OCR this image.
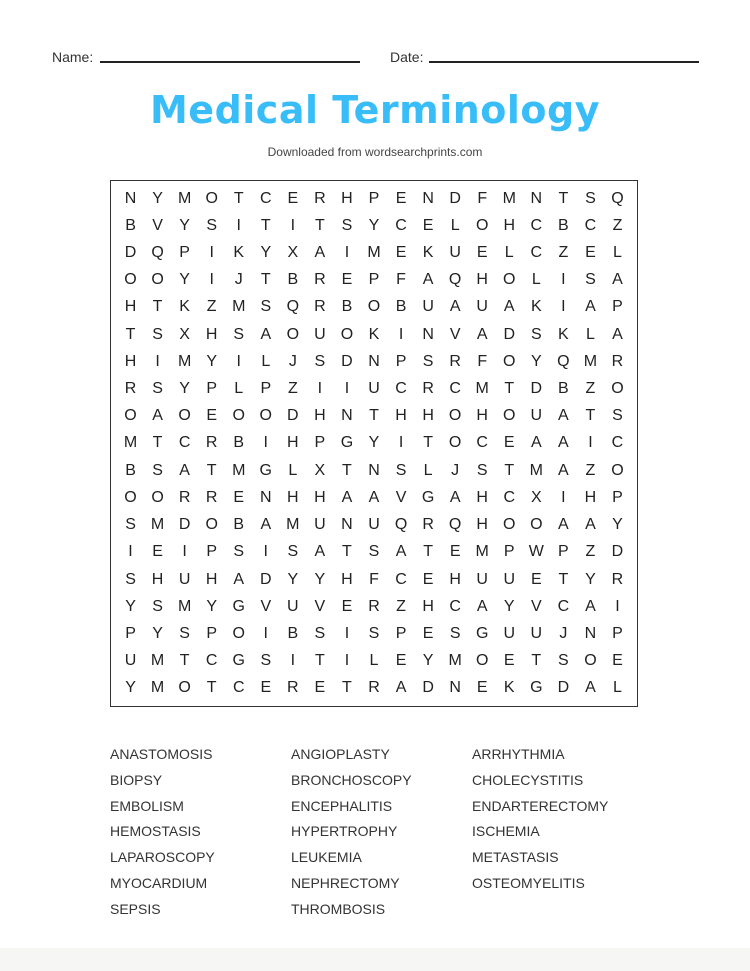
Name:	Date:
Medical Terminology
Downloaded from wordsearchprints.com
N Y M O T	C E R H P	E N D	F M N	T	S Q
B	V	Y	S	I	T	I	T	S	Y C E	L	O H C B C	Z
D Q P	I	K	Y	X	A	I	M E	K U E	L	C	Z	E	L
O O Y	I	J	T	B R E	P	F	A Q H O	L	I	S	A
H	T	K	Z M S Q R B O B U A U A	K	I	A	P
T	S	X H S	A O U O K	I	N V	A D S	K	L	A
H	I	M Y	I	L	J	S D N P	S R	F O Y Q M R
R S	Y	P	L	P	Z	I	I	U C R C M T	D B	Z O
O A O E O O D H N	T	H H O H O U A	T	S
M T	C R B	I	H P G Y	I	T O C E	A	A	I	C
B	S	A	T M G	L	X	T	N S	L	J	S	T M A	Z O
O O R R E N H H A	A	V G A H C X	I	H P
S M D O B	A M U N U Q R Q H O O A	A	Y
I	E	I	P	S	I	S	A	T	S	A	T	E M P W P	Z	D
S H U H A D Y	Y H	F	C E H U U E	T	Y R
Y	S M Y G V U V	E R	Z	H C A	Y	V C A	I
P	Y	S	P O	I	B	S	I	S	P	E	S G U U	J	N P
U M T	C G S	I	T	I	L	E	Y M O E	T	S O E
Y M O T	C E R E	T	R A D N E	K G D A	L
ANASTOMOSIS	ANGIOPLASTY	ARRHYTHMIA
BIOPSY	BRONCHOSCOPY	CHOLECYSTITIS
EMBOLISM	ENCEPHALITIS	ENDARTERECTOMY
HEMOSTASIS	HYPERTROPHY	ISCHEMIA
LAPAROSCOPY	LEUKEMIA	METASTASIS
MYOCARDIUM	NEPHRECTOMY	OSTEOMYELITIS
SEPSIS	THROMBOSIS
